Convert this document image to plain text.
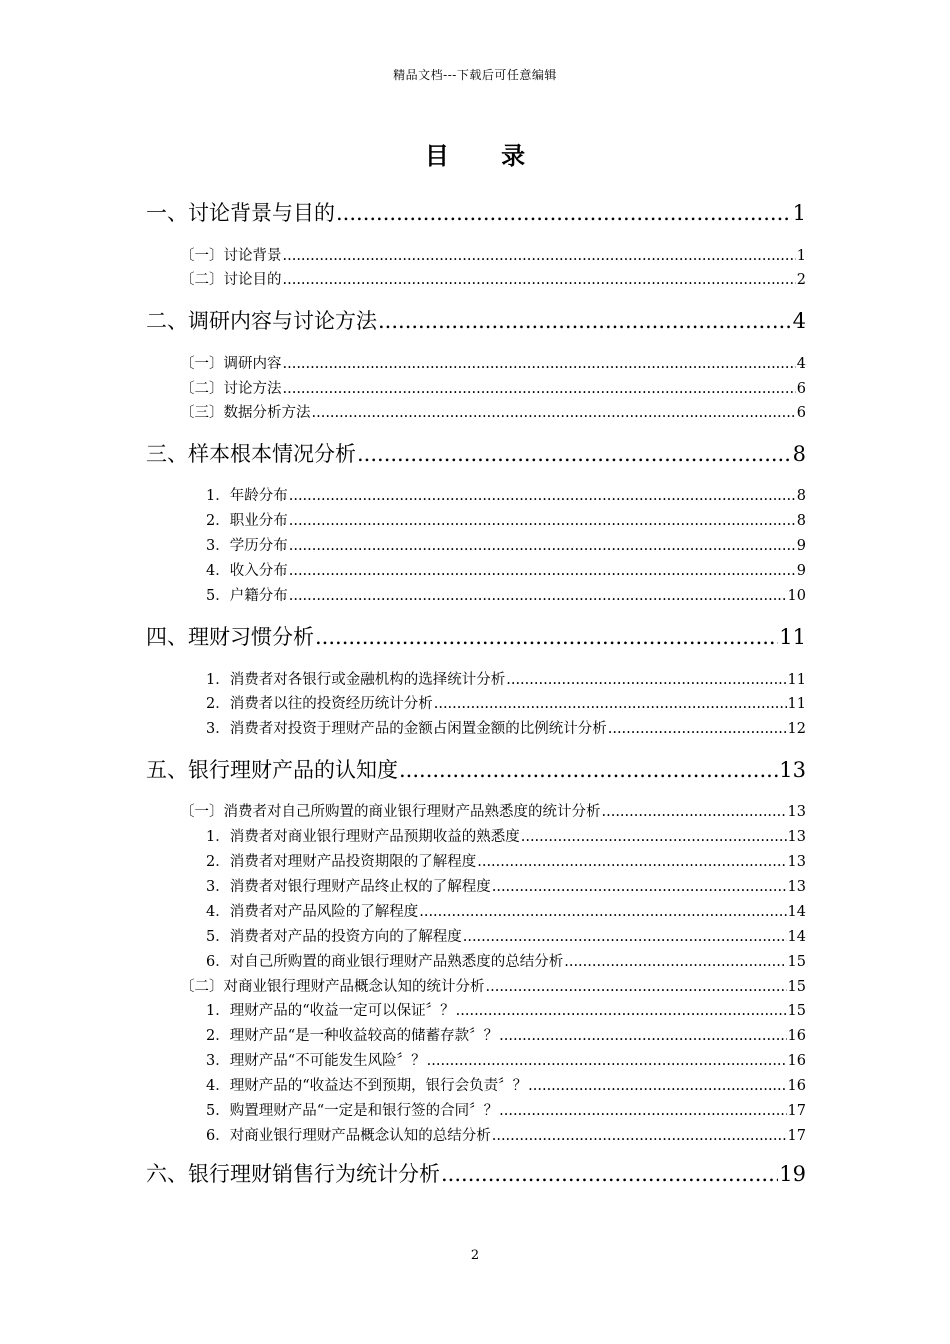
精品文档---下载后可任意编辑
目 录
一、讨论背景与目的 .....	1
〔一〕讨论背景 .....	1
〔二〕讨论目的 .....	2
二、调研内容与讨论方法 .....	4
〔一〕调研内容 .....	4
〔二〕讨论方法 .....	6
〔三〕数据分析方法 .....	6
三、样本根本情况分析 .....	8
1．年龄分布 .....	8
2．职业分布 .....	8
3．学历分布 .....	9
4．收入分布 .....	9
5．户籍分布 .....	10
四、理财习惯分析 .....	11
1．消费者对各银行或金融机构的选择统计分析 .....	11
2．消费者以往的投资经历统计分析 .....	11
3．消费者对投资于理财产品的金额占闲置金额的比例统计分析 .....	12
五、银行理财产品的认知度 .....	13
〔一〕消费者对自己所购置的商业银行理财产品熟悉度的统计分析 .....	13
1．消费者对商业银行理财产品预期收益的熟悉度 .....	13
2．消费者对理财产品投资期限的了解程度 .....	13
3．消费者对银行理财产品终止权的了解程度 .....	13
4．消费者对产品风险的了解程度 .....	14
5．消费者对产品的投资方向的了解程度 .....	14
6．对自己所购置的商业银行理财产品熟悉度的总结分析 .....	15
〔二〕对商业银行理财产品概念认知的统计分析 .....	15
1．理财产品的“收益一定可以保证〞？ .....	15
2．理财产品“是一种收益较高的储蓄存款〞？ .....	16
3．理财产品“不可能发生风险〞？ .....	16
4．理财产品的“收益达不到预期，银行会负责〞？ .....	16
5．购置理财产品“一定是和银行签的合同〞？ .....	17
6．对商业银行理财产品概念认知的总结分析 .....	17
六、银行理财销售行为统计分析 .....	19
2
